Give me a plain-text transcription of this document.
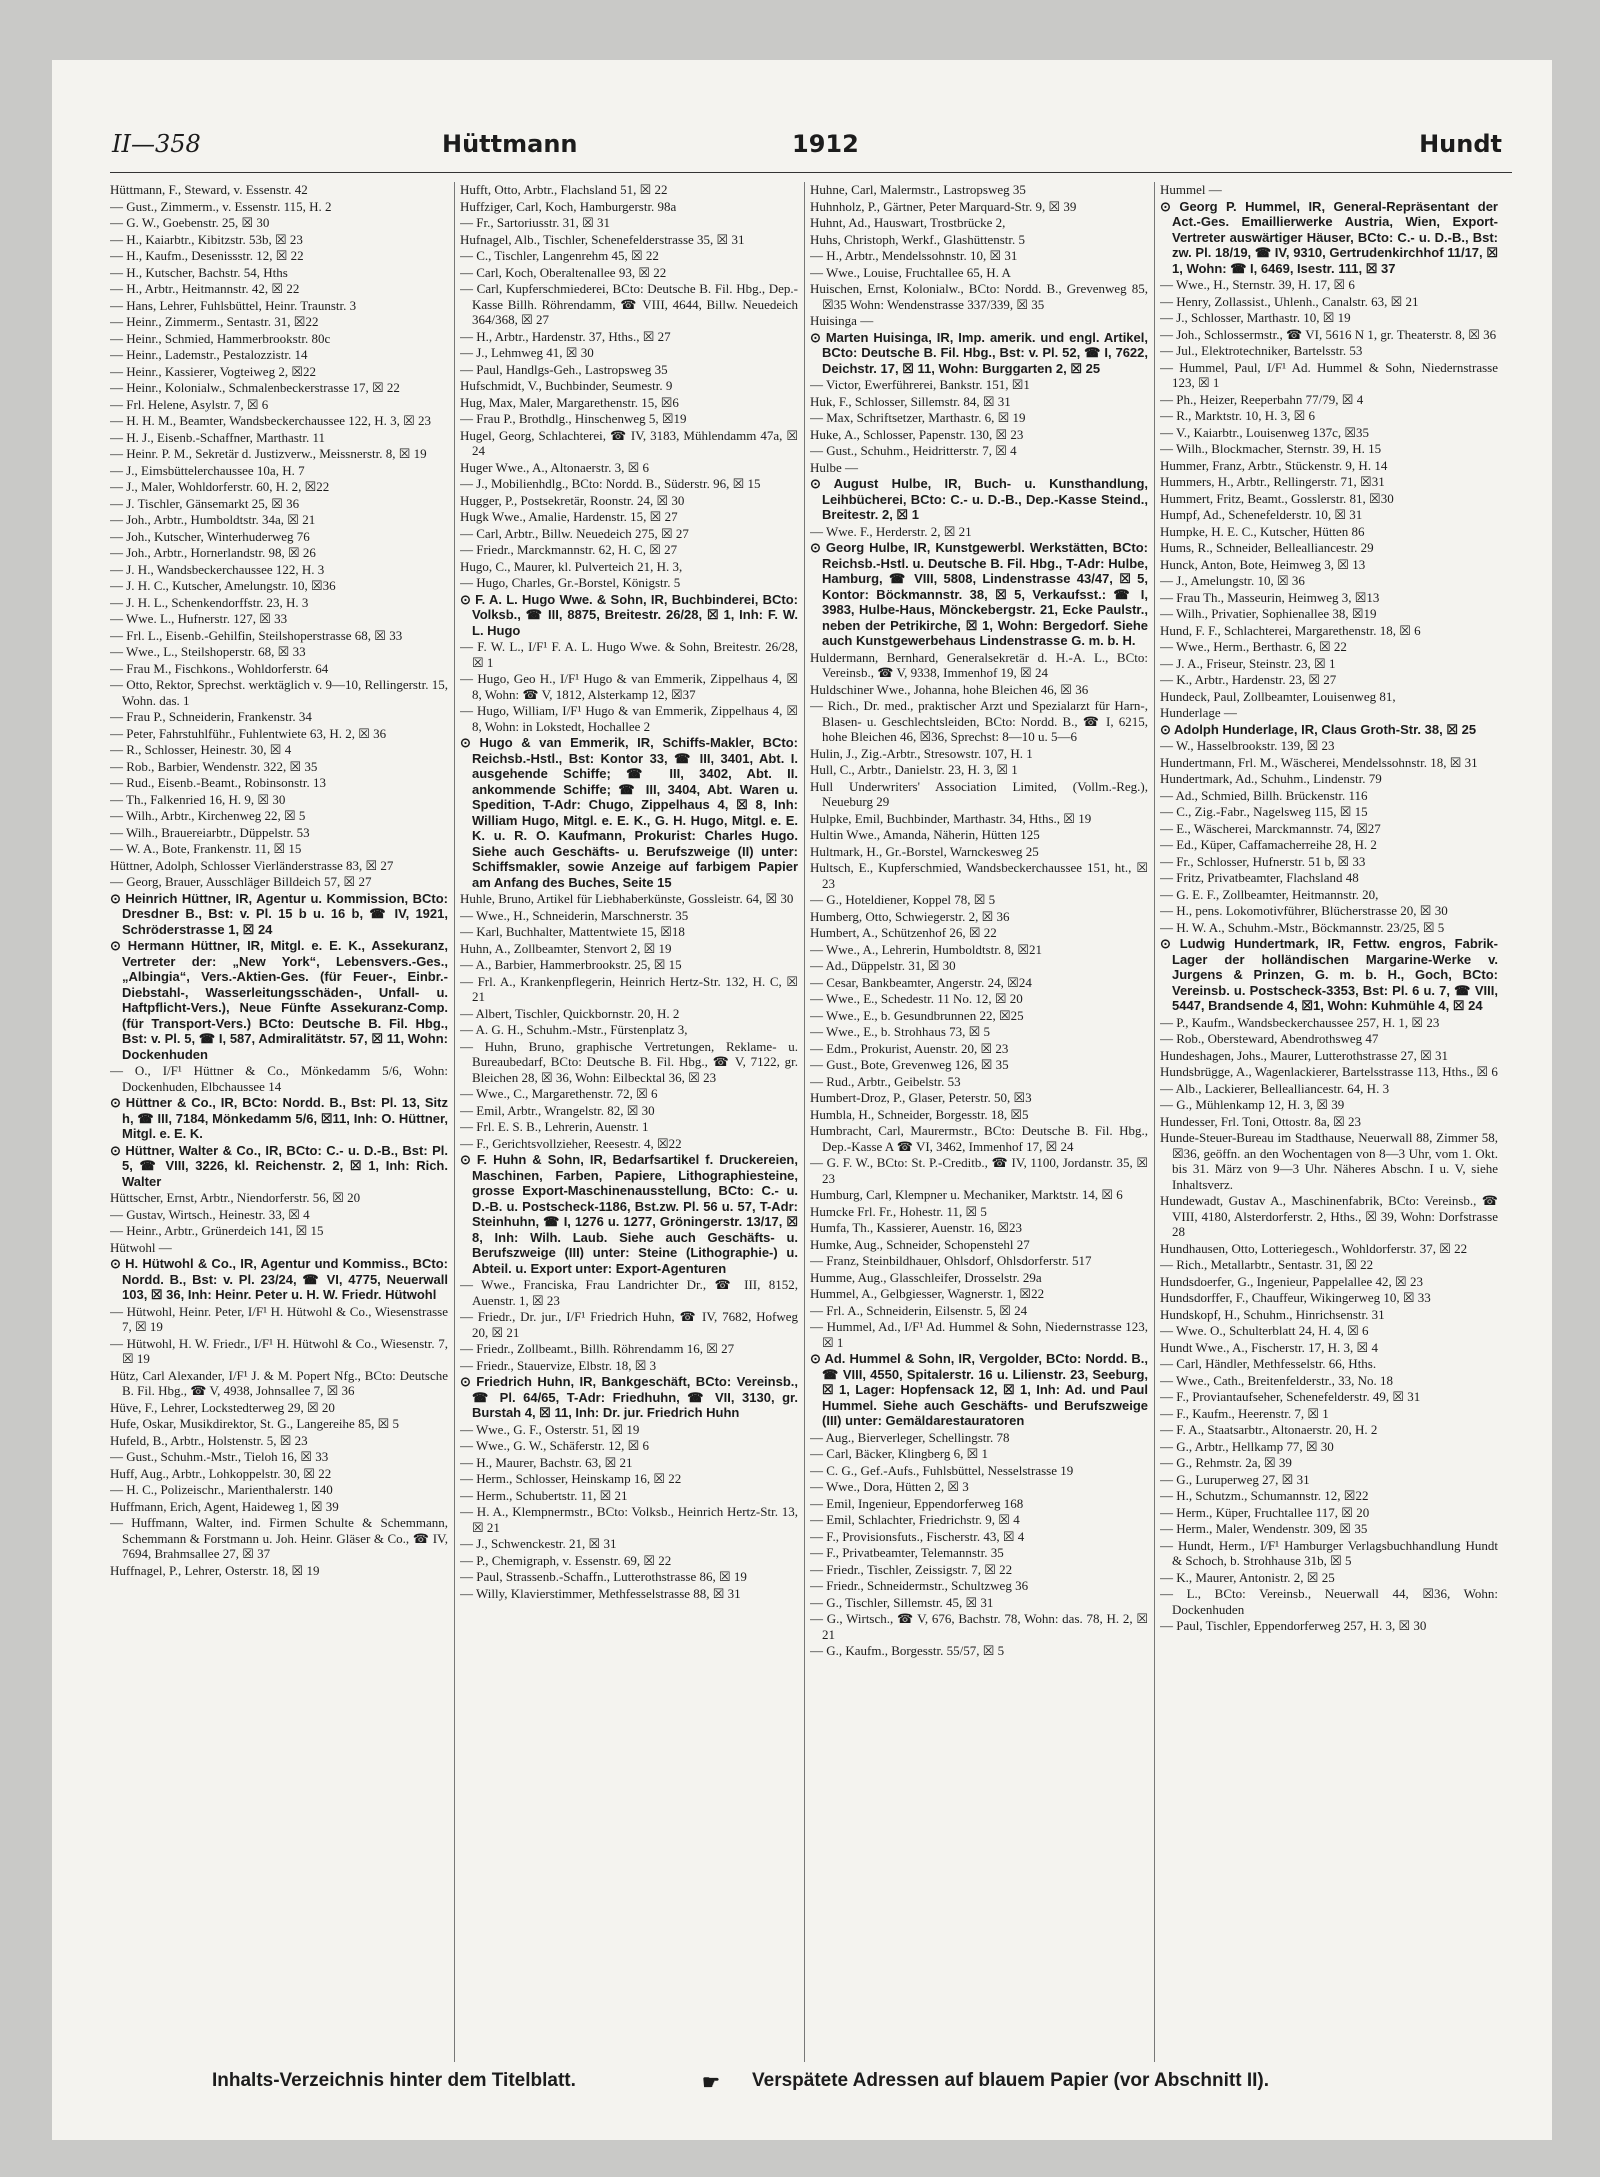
II—358	Hüttmann	1912	Hundt
Hüttmann, F., Steward, v. Essenstr. 42
— Gust., Zimmerm., v. Essenstr. 115, H. 2
— G. W., Goebenstr. 25, ☒ 30
— H., Kaiarbtr., Kibitzstr. 53b, ☒ 23
— H., Kaufm., Desenissstr. 12, ☒ 22
— H., Kutscher, Bachstr. 54, Hths
— H., Arbtr., Heitmannstr. 42, ☒ 22
— Hans, Lehrer, Fuhlsbüttel, Heinr. Traunstr. 3
— Heinr., Zimmerm., Sentastr. 31, ☒22
— Heinr., Schmied, Hammerbrookstr. 80c
— Heinr., Lademstr., Pestalozzistr. 14
— Heinr., Kassierer, Vogteiweg 2, ☒22
— Heinr., Kolonialw., Schmalenbeckerstrasse 17, ☒ 22
— Frl. Helene, Asylstr. 7, ☒ 6
— H. H. M., Beamter, Wandsbeckerchaussee 122, H. 3, ☒ 23
— H. J., Eisenb.-Schaffner, Marthastr. 11
— Heinr. P. M., Sekretär d. Justizverw., Meissnerstr. 8, ☒ 19
— J., Eimsbüttelerchaussee 10a, H. 7
— J., Maler, Wohldorferstr. 60, H. 2, ☒22
— J. Tischler, Gänsemarkt 25, ☒ 36
— Joh., Arbtr., Humboldtstr. 34a, ☒ 21
— Joh., Kutscher, Winterhuderweg 76
— Joh., Arbtr., Hornerlandstr. 98, ☒ 26
— J. H., Wandsbeckerchaussee 122, H. 3
— J. H. C., Kutscher, Amelungstr. 10, ☒36
— J. H. L., Schenkendorffstr. 23, H. 3
— Wwe. L., Hufnerstr. 127, ☒ 33
— Frl. L., Eisenb.-Gehilfin, Steilshoperstrasse 68, ☒ 33
— Wwe., L., Steilshoperstr. 68, ☒ 33
— Frau M., Fischkons., Wohldorferstr. 64
— Otto, Rektor, Sprechst. werktäglich v. 9—10, Rellingerstr. 15, Wohn. das. 1
— Frau P., Schneiderin, Frankenstr. 34
— Peter, Fahrstuhlführ., Fuhlentwiete 63, H. 2, ☒ 36
— R., Schlosser, Heinestr. 30, ☒ 4
— Rob., Barbier, Wendenstr. 322, ☒ 35
— Rud., Eisenb.-Beamt., Robinsonstr. 13
— Th., Falkenried 16, H. 9, ☒ 30
— Wilh., Arbtr., Kirchenweg 22, ☒ 5
— Wilh., Brauereiarbtr., Düppelstr. 53
— W. A., Bote, Frankenstr. 11, ☒ 15
Hüttner, Adolph, Schlosser Vierländerstrasse 83, ☒ 27
— Georg, Brauer, Ausschläger Billdeich 57, ☒ 27
⊙ Heinrich Hüttner, IR, Agentur u. Kommission, BCto: Dresdner B., Bst: v. Pl. 15 b u. 16 b, ☎ IV, 1921, Schröderstrasse 1, ☒ 24
⊙ Hermann Hüttner, IR, Mitgl. e. E. K., Assekuranz, Vertreter der: „New York“, Lebensvers.-Ges., „Albingia“, Vers.-Aktien-Ges. (für Feuer-, Einbr.-Diebstahl-, Wasserleitungsschäden-, Unfall- u. Haftpflicht-Vers.), Neue Fünfte Assekuranz-Comp. (für Transport-Vers.) BCto: Deutsche B. Fil. Hbg., Bst: v. Pl. 5, ☎ I, 587, Admiralitätstr. 57, ☒ 11, Wohn: Dockenhuden
— O., I/F¹ Hüttner & Co., Mönkedamm 5/6, Wohn: Dockenhuden, Elbchaussee 14
⊙ Hüttner & Co., IR, BCto: Nordd. B., Bst: Pl. 13, Sitz h, ☎ III, 7184, Mönkedamm 5/6, ☒11, Inh: O. Hüttner, Mitgl. e. E. K.
⊙ Hüttner, Walter & Co., IR, BCto: C.- u. D.-B., Bst: Pl. 5, ☎ VIII, 3226, kl. Reichenstr. 2, ☒ 1, Inh: Rich. Walter
Hüttscher, Ernst, Arbtr., Niendorferstr. 56, ☒ 20
— Gustav, Wirtsch., Heinestr. 33, ☒ 4
— Heinr., Arbtr., Grünerdeich 141, ☒ 15
Hütwohl —
⊙ H. Hütwohl & Co., IR, Agentur und Kommiss., BCto: Nordd. B., Bst: v. Pl. 23/24, ☎ VI, 4775, Neuerwall 103, ☒ 36, Inh: Heinr. Peter u. H. W. Friedr. Hütwohl
— Hütwohl, Heinr. Peter, I/F¹ H. Hütwohl & Co., Wiesenstrasse 7, ☒ 19
— Hütwohl, H. W. Friedr., I/F¹ H. Hütwohl & Co., Wiesenstr. 7, ☒ 19
Hütz, Carl Alexander, I/F¹ J. & M. Popert Nfg., BCto: Deutsche B. Fil. Hbg., ☎ V, 4938, Johnsallee 7, ☒ 36
Hüve, F., Lehrer, Lockstedterweg 29, ☒ 20
Hufe, Oskar, Musikdirektor, St. G., Langereihe 85, ☒ 5
Hufeld, B., Arbtr., Holstenstr. 5, ☒ 23
— Gust., Schuhm.-Mstr., Tieloh 16, ☒ 33
Huff, Aug., Arbtr., Lohkoppelstr. 30, ☒ 22
— H. C., Polizeischr., Marienthalerstr. 140
Huffmann, Erich, Agent, Haideweg 1, ☒ 39
— Huffmann, Walter, ind. Firmen Schulte & Schemmann, Schemmann & Forstmann u. Joh. Heinr. Gläser & Co., ☎ IV, 7694, Brahmsallee 27, ☒ 37
Huffnagel, P., Lehrer, Osterstr. 18, ☒ 19
Hufft, Otto, Arbtr., Flachsland 51, ☒ 22
Huffziger, Carl, Koch, Hamburgerstr. 98a
— Fr., Sartoriusstr. 31, ☒ 31
Hufnagel, Alb., Tischler, Schenefelderstrasse 35, ☒ 31
— C., Tischler, Langenrehm 45, ☒ 22
— Carl, Koch, Oberaltenallee 93, ☒ 22
— Carl, Kupferschmiederei, BCto: Deutsche B. Fil. Hbg., Dep.-Kasse Billh. Röhrendamm, ☎ VIII, 4644, Billw. Neuedeich 364/368, ☒ 27
— H., Arbtr., Hardenstr. 37, Hths., ☒ 27
— J., Lehmweg 41, ☒ 30
— Paul, Handlgs-Geh., Lastropsweg 35
Hufschmidt, V., Buchbinder, Seumestr. 9
Hug, Max, Maler, Margarethenstr. 15, ☒6
— Frau P., Brothdlg., Hinschenweg 5, ☒19
Hugel, Georg, Schlachterei, ☎ IV, 3183, Mühlendamm 47a, ☒ 24
Huger Wwe., A., Altonaerstr. 3, ☒ 6
— J., Mobilienhdlg., BCto: Nordd. B., Süderstr. 96, ☒ 15
Hugger, P., Postsekretär, Roonstr. 24, ☒ 30
Hugk Wwe., Amalie, Hardenstr. 15, ☒ 27
— Carl, Arbtr., Billw. Neuedeich 275, ☒ 27
— Friedr., Marckmannstr. 62, H. C, ☒ 27
Hugo, C., Maurer, kl. Pulverteich 21, H. 3,
— Hugo, Charles, Gr.-Borstel, Königstr. 5
⊙ F. A. L. Hugo Wwe. & Sohn, IR, Buchbinderei, BCto: Volksb., ☎ III, 8875, Breitestr. 26/28, ☒ 1, Inh: F. W. L. Hugo
— F. W. L., I/F¹ F. A. L. Hugo Wwe. & Sohn, Breitestr. 26/28, ☒ 1
— Hugo, Geo H., I/F¹ Hugo & van Emmerik, Zippelhaus 4, ☒ 8, Wohn: ☎ V, 1812, Alsterkamp 12, ☒37
— Hugo, William, I/F¹ Hugo & van Emmerik, Zippelhaus 4, ☒ 8, Wohn: in Lokstedt, Hochallee 2
⊙ Hugo & van Emmerik, IR, Schiffs-Makler, BCto: Reichsb.-Hstl., Bst: Kontor 33, ☎ III, 3401, Abt. I. ausgehende Schiffe; ☎ III, 3402, Abt. II. ankommende Schiffe; ☎ III, 3404, Abt. Waren u. Spedition, T-Adr: Chugo, Zippelhaus 4, ☒ 8, Inh: William Hugo, Mitgl. e. E. K., G. H. Hugo, Mitgl. e. E. K. u. R. O. Kaufmann, Prokurist: Charles Hugo. Siehe auch Geschäfts- u. Berufszweige (II) unter: Schiffsmakler, sowie Anzeige auf farbigem Papier am Anfang des Buches, Seite 15
Huhle, Bruno, Artikel für Liebhaberkünste, Gossleistr. 64, ☒ 30
— Wwe., H., Schneiderin, Marschnerstr. 35
— Karl, Buchhalter, Mattentwiete 15, ☒18
Huhn, A., Zollbeamter, Stenvort 2, ☒ 19
— A., Barbier, Hammerbrookstr. 25, ☒ 15
— Frl. A., Krankenpflegerin, Heinrich Hertz-Str. 132, H. C, ☒ 21
— Albert, Tischler, Quickbornstr. 20, H. 2
— A. G. H., Schuhm.-Mstr., Fürstenplatz 3,
— Huhn, Bruno, graphische Vertretungen, Reklame- u. Bureaubedarf, BCto: Deutsche B. Fil. Hbg., ☎ V, 7122, gr. Bleichen 28, ☒ 36, Wohn: Eilbecktal 36, ☒ 23
— Wwe., C., Margarethenstr. 72, ☒ 6
— Emil, Arbtr., Wrangelstr. 82, ☒ 30
— Frl. E. S. B., Lehrerin, Auenstr. 1
— F., Gerichtsvollzieher, Reesestr. 4, ☒22
⊙ F. Huhn & Sohn, IR, Bedarfsartikel f. Druckereien, Maschinen, Farben, Papiere, Lithographiesteine, grosse Export-Maschinenausstellung, BCto: C.- u. D.-B. u. Postscheck-1186, Bst.zw. Pl. 56 u. 57, T-Adr: Steinhuhn, ☎ I, 1276 u. 1277, Gröningerstr. 13/17, ☒ 8, Inh: Wilh. Laub. Siehe auch Geschäfts- u. Berufszweige (III) unter: Steine (Lithographie-) u. Abteil. u. Export unter: Export-Agenturen
— Wwe., Franciska, Frau Landrichter Dr., ☎ III, 8152, Auenstr. 1, ☒ 23
— Friedr., Dr. jur., I/F¹ Friedrich Huhn, ☎ IV, 7682, Hofweg 20, ☒ 21
— Friedr., Zollbeamt., Billh. Röhrendamm 16, ☒ 27
— Friedr., Stauervize, Elbstr. 18, ☒ 3
⊙ Friedrich Huhn, IR, Bankgeschäft, BCto: Vereinsb., ☎ Pl. 64/65, T-Adr: Friedhuhn, ☎ VII, 3130, gr. Burstah 4, ☒ 11, Inh: Dr. jur. Friedrich Huhn
— Wwe., G. F., Osterstr. 51, ☒ 19
— Wwe., G. W., Schäferstr. 12, ☒ 6
— H., Maurer, Bachstr. 63, ☒ 21
— Herm., Schlosser, Heinskamp 16, ☒ 22
— Herm., Schubertstr. 11, ☒ 21
— H. A., Klempnermstr., BCto: Volksb., Heinrich Hertz-Str. 13, ☒ 21
— J., Schwenckestr. 21, ☒ 31
— P., Chemigraph, v. Essenstr. 69, ☒ 22
— Paul, Strassenb.-Schaffn., Lutterothstrasse 86, ☒ 19
— Willy, Klavierstimmer, Methfesselstrasse 88, ☒ 31
Huhne, Carl, Malermstr., Lastropsweg 35
Huhnholz, P., Gärtner, Peter Marquard-Str. 9, ☒ 39
Huhnt, Ad., Hauswart, Trostbrücke 2,
Huhs, Christoph, Werkf., Glashüttenstr. 5
— H., Arbtr., Mendelssohnstr. 10, ☒ 31
— Wwe., Louise, Fruchtallee 65, H. A
Huischen, Ernst, Kolonialw., BCto: Nordd. B., Grevenweg 85, ☒35 Wohn: Wendenstrasse 337/339, ☒ 35
Huisinga —
⊙ Marten Huisinga, IR, Imp. amerik. und engl. Artikel, BCto: Deutsche B. Fil. Hbg., Bst: v. Pl. 52, ☎ I, 7622, Deichstr. 17, ☒ 11, Wohn: Burggarten 2, ☒ 25
— Victor, Ewerführerei, Bankstr. 151, ☒1
Huk, F., Schlosser, Sillemstr. 84, ☒ 31
— Max, Schriftsetzer, Marthastr. 6, ☒ 19
Huke, A., Schlosser, Papenstr. 130, ☒ 23
— Gust., Schuhm., Heidritterstr. 7, ☒ 4
Hulbe —
⊙ August Hulbe, IR, Buch- u. Kunsthandlung, Leihbücherei, BCto: C.- u. D.-B., Dep.-Kasse Steind., Breitestr. 2, ☒ 1
— Wwe. F., Herderstr. 2, ☒ 21
⊙ Georg Hulbe, IR, Kunstgewerbl. Werkstätten, BCto: Reichsb.-Hstl. u. Deutsche B. Fil. Hbg., T-Adr: Hulbe, Hamburg, ☎ VIII, 5808, Lindenstrasse 43/47, ☒ 5, Kontor: Böckmannstr. 38, ☒ 5, Verkaufsst.: ☎ I, 3983, Hulbe-Haus, Mönckebergstr. 21, Ecke Paulstr., neben der Petrikirche, ☒ 1, Wohn: Bergedorf. Siehe auch Kunstgewerbehaus Lindenstrasse G. m. b. H.
Huldermann, Bernhard, Generalsekretär d. H.-A. L., BCto: Vereinsb., ☎ V, 9338, Immenhof 19, ☒ 24
Huldschiner Wwe., Johanna, hohe Bleichen 46, ☒ 36
— Rich., Dr. med., praktischer Arzt und Spezialarzt für Harn-, Blasen- u. Geschlechtsleiden, BCto: Nordd. B., ☎ I, 6215, hohe Bleichen 46, ☒36, Sprechst: 8—10 u. 5—6
Hulin, J., Zig.-Arbtr., Stresowstr. 107, H. 1
Hull, C., Arbtr., Danielstr. 23, H. 3, ☒ 1
Hull Underwriters' Association Limited, (Vollm.-Reg.), Neueburg 29
Hulpke, Emil, Buchbinder, Marthastr. 34, Hths., ☒ 19
Hultin Wwe., Amanda, Näherin, Hütten 125
Hultmark, H., Gr.-Borstel, Warnckesweg 25
Hultsch, E., Kupferschmied, Wandsbeckerchaussee 151, ht., ☒ 23
— G., Hoteldiener, Koppel 78, ☒ 5
Humberg, Otto, Schwiegerstr. 2, ☒ 36
Humbert, A., Schützenhof 26, ☒ 22
— Wwe., A., Lehrerin, Humboldtstr. 8, ☒21
— Ad., Düppelstr. 31, ☒ 30
— Cesar, Bankbeamter, Angerstr. 24, ☒24
— Wwe., E., Schedestr. 11 No. 12, ☒ 20
— Wwe., E., b. Gesundbrunnen 22, ☒25
— Wwe., E., b. Strohhaus 73, ☒ 5
— Edm., Prokurist, Auenstr. 20, ☒ 23
— Gust., Bote, Grevenweg 126, ☒ 35
— Rud., Arbtr., Geibelstr. 53
Humbert-Droz, P., Glaser, Peterstr. 50, ☒3
Humbla, H., Schneider, Borgesstr. 18, ☒5
Humbracht, Carl, Maurermstr., BCto: Deutsche B. Fil. Hbg., Dep.-Kasse A ☎ VI, 3462, Immenhof 17, ☒ 24
— G. F. W., BCto: St. P.-Creditb., ☎ IV, 1100, Jordanstr. 35, ☒ 23
Humburg, Carl, Klempner u. Mechaniker, Marktstr. 14, ☒ 6
Humcke Frl. Fr., Hohestr. 11, ☒ 5
Humfa, Th., Kassierer, Auenstr. 16, ☒23
Humke, Aug., Schneider, Schopenstehl 27
— Franz, Steinbildhauer, Ohlsdorf, Ohlsdorferstr. 517
Humme, Aug., Glasschleifer, Drosselstr. 29a
Hummel, A., Gelbgiesser, Wagnerstr. 1, ☒22
— Frl. A., Schneiderin, Eilsenstr. 5, ☒ 24
— Hummel, Ad., I/F¹ Ad. Hummel & Sohn, Niedernstrasse 123, ☒ 1
⊙ Ad. Hummel & Sohn, IR, Vergolder, BCto: Nordd. B., ☎ VIII, 4550, Spitalerstr. 16 u. Lilienstr. 23, Seeburg, ☒ 1, Lager: Hopfensack 12, ☒ 1, Inh: Ad. und Paul Hummel. Siehe auch Geschäfts- und Berufszweige (III) unter: Gemäldarestauratoren
— Aug., Bierverleger, Schellingstr. 78
— Carl, Bäcker, Klingberg 6, ☒ 1
— C. G., Gef.-Aufs., Fuhlsbüttel, Nesselstrasse 19
— Wwe., Dora, Hütten 2, ☒ 3
— Emil, Ingenieur, Eppendorferweg 168
— Emil, Schlachter, Friedrichstr. 9, ☒ 4
— F., Provisionsfuts., Fischerstr. 43, ☒ 4
— F., Privatbeamter, Telemannstr. 35
— Friedr., Tischler, Zeissigstr. 7, ☒ 22
— Friedr., Schneidermstr., Schultzweg 36
— G., Tischler, Sillemstr. 45, ☒ 31
— G., Wirtsch., ☎ V, 676, Bachstr. 78, Wohn: das. 78, H. 2, ☒ 21
— G., Kaufm., Borgesstr. 55/57, ☒ 5
Hummel —
⊙ Georg P. Hummel, IR, General-Repräsentant der Act.-Ges. Emaillierwerke Austria, Wien, Export-Vertreter auswärtiger Häuser, BCto: C.- u. D.-B., Bst: zw. Pl. 18/19, ☎ IV, 9310, Gertrudenkirchhof 11/17, ☒ 1, Wohn: ☎ I, 6469, Isestr. 111, ☒ 37
— Wwe., H., Sternstr. 39, H. 17, ☒ 6
— Henry, Zollassist., Uhlenh., Canalstr. 63, ☒ 21
— J., Schlosser, Marthastr. 10, ☒ 19
— Joh., Schlossermstr., ☎ VI, 5616 N 1, gr. Theaterstr. 8, ☒ 36
— Jul., Elektrotechniker, Bartelsstr. 53
— Hummel, Paul, I/F¹ Ad. Hummel & Sohn, Niedernstrasse 123, ☒ 1
— Ph., Heizer, Reeperbahn 77/79, ☒ 4
— R., Marktstr. 10, H. 3, ☒ 6
— V., Kaiarbtr., Louisenweg 137c, ☒35
— Wilh., Blockmacher, Sternstr. 39, H. 15
Hummer, Franz, Arbtr., Stückenstr. 9, H. 14
Hummers, H., Arbtr., Rellingerstr. 71, ☒31
Hummert, Fritz, Beamt., Gosslerstr. 81, ☒30
Humpf, Ad., Schenefelderstr. 10, ☒ 31
Humpke, H. E. C., Kutscher, Hütten 86
Hums, R., Schneider, Bellealliancestr. 29
Hunck, Anton, Bote, Heimweg 3, ☒ 13
— J., Amelungstr. 10, ☒ 36
— Frau Th., Masseurin, Heimweg 3, ☒13
— Wilh., Privatier, Sophienallee 38, ☒19
Hund, F. F., Schlachterei, Margarethenstr. 18, ☒ 6
— Wwe., Herm., Berthastr. 6, ☒ 22
— J. A., Friseur, Steinstr. 23, ☒ 1
— K., Arbtr., Hardenstr. 23, ☒ 27
Hundeck, Paul, Zollbeamter, Louisenweg 81,
Hunderlage —
⊙ Adolph Hunderlage, IR, Claus Groth-Str. 38, ☒ 25
— W., Hasselbrookstr. 139, ☒ 23
Hundertmann, Frl. M., Wäscherei, Mendelssohnstr. 18, ☒ 31
Hundertmark, Ad., Schuhm., Lindenstr. 79
— Ad., Schmied, Billh. Brückenstr. 116
— C., Zig.-Fabr., Nagelsweg 115, ☒ 15
— E., Wäscherei, Marckmannstr. 74, ☒27
— Ed., Küper, Caffamacherreihe 28, H. 2
— Fr., Schlosser, Hufnerstr. 51 b, ☒ 33
— Fritz, Privatbeamter, Flachsland 48
— G. E. F., Zollbeamter, Heitmannstr. 20,
— H., pens. Lokomotivführer, Blücherstrasse 20, ☒ 30
— H. W. A., Schuhm.-Mstr., Böckmannstr. 23/25, ☒ 5
⊙ Ludwig Hundertmark, IR, Fettw. engros, Fabrik-Lager der holländischen Margarine-Werke v. Jurgens & Prinzen, G. m. b. H., Goch, BCto: Vereinsb. u. Postscheck-3353, Bst: Pl. 6 u. 7, ☎ VIII, 5447, Brandsende 4, ☒1, Wohn: Kuhmühle 4, ☒ 24
— P., Kaufm., Wandsbeckerchaussee 257, H. 1, ☒ 23
— Rob., Obersteward, Abendrothsweg 47
Hundeshagen, Johs., Maurer, Lutterothstrasse 27, ☒ 31
Hundsbrügge, A., Wagenlackierer, Bartelsstrasse 113, Hths., ☒ 6
— Alb., Lackierer, Bellealliancestr. 64, H. 3
— G., Mühlenkamp 12, H. 3, ☒ 39
Hundesser, Frl. Toni, Ottostr. 8a, ☒ 23
Hunde-Steuer-Bureau im Stadthause, Neuerwall 88, Zimmer 58, ☒36, geöffn. an den Wochentagen von 8—3 Uhr, vom 1. Okt. bis 31. März von 9—3 Uhr. Näheres Abschn. I u. V, siehe Inhaltsverz.
Hundewadt, Gustav A., Maschinenfabrik, BCto: Vereinsb., ☎ VIII, 4180, Alsterdorferstr. 2, Hths., ☒ 39, Wohn: Dorfstrasse 28
Hundhausen, Otto, Lotteriegesch., Wohldorferstr. 37, ☒ 22
— Rich., Metallarbtr., Sentastr. 31, ☒ 22
Hundsdoerfer, G., Ingenieur, Pappelallee 42, ☒ 23
Hundsdorffer, F., Chauffeur, Wikingerweg 10, ☒ 33
Hundskopf, H., Schuhm., Hinrichsenstr. 31
— Wwe. O., Schulterblatt 24, H. 4, ☒ 6
Hundt Wwe., A., Fischerstr. 17, H. 3, ☒ 4
— Carl, Händler, Methfesselstr. 66, Hths.
— Wwe., Cath., Breitenfelderstr., 33, No. 18
— F., Proviantaufseher, Schenefelderstr. 49, ☒ 31
— F., Kaufm., Heerenstr. 7, ☒ 1
— F. A., Staatsarbtr., Altonaerstr. 20, H. 2
— G., Arbtr., Hellkamp 77, ☒ 30
— G., Rehmstr. 2a, ☒ 39
— G., Luruperweg 27, ☒ 31
— H., Schutzm., Schumannstr. 12, ☒22
— Herm., Küper, Fruchtallee 117, ☒ 20
— Herm., Maler, Wendenstr. 309, ☒ 35
— Hundt, Herm., I/F¹ Hamburger Verlagsbuchhandlung Hundt & Schoch, b. Strohhause 31b, ☒ 5
— K., Maurer, Antonistr. 2, ☒ 25
— L., BCto: Vereinsb., Neuerwall 44, ☒36, Wohn: Dockenhuden
— Paul, Tischler, Eppendorferweg 257, H. 3, ☒ 30
Inhalts-Verzeichnis hinter dem Titelblatt.	☛ Verspätete Adressen auf blauem Papier (vor Abschnitt II).
